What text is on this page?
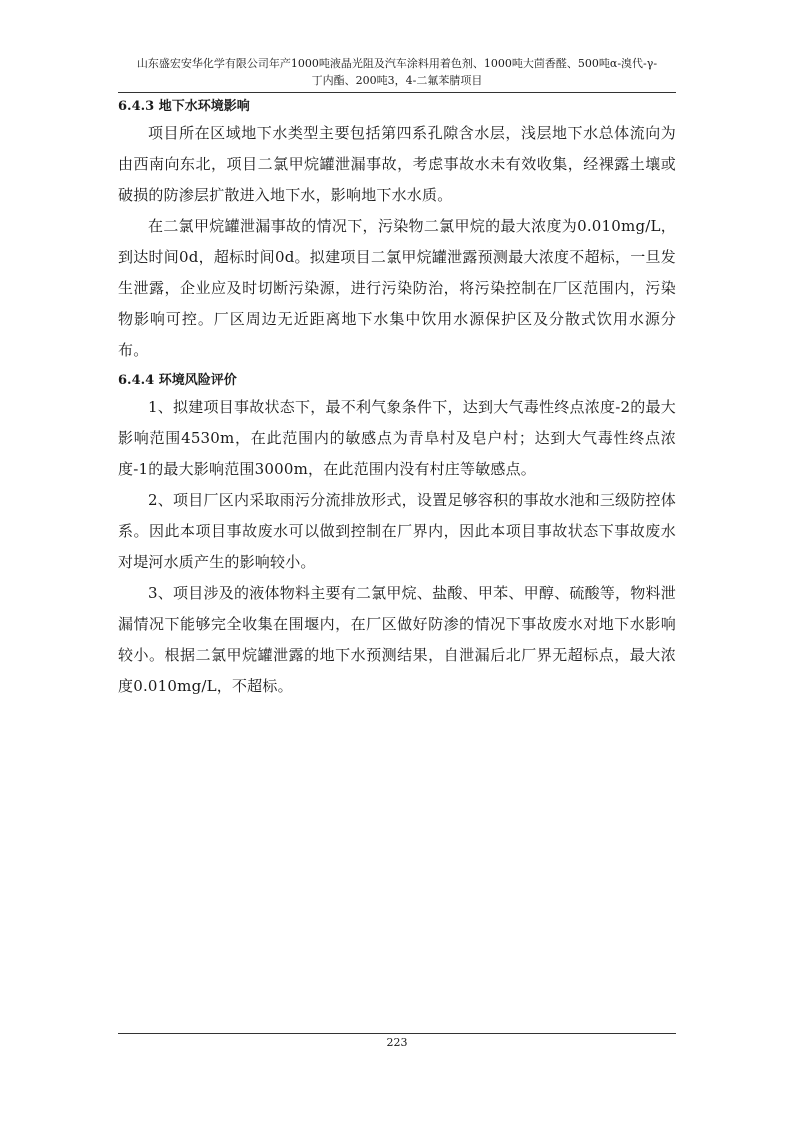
山东盛宏安华化学有限公司年产1000吨液晶光阻及汽车涂料用着色剂、1000吨大茴香醛、500吨α-溴代-γ-
丁内酯、200吨3，4-二氟苯腈项目
6.4.3 地下水环境影响

项目所在区域地下水类型主要包括第四系孔隙含水层，浅层地下水总体流向为由西南向东北，项目二氯甲烷罐泄漏事故，考虑事故水未有效收集，经裸露土壤或破损的防渗层扩散进入地下水，影响地下水水质。

在二氯甲烷罐泄漏事故的情况下，污染物二氯甲烷的最大浓度为0.010mg/L，到达时间0d，超标时间0d。拟建项目二氯甲烷罐泄露预测最大浓度不超标，一旦发生泄露，企业应及时切断污染源，进行污染防治，将污染控制在厂区范围内，污染物影响可控。厂区周边无近距离地下水集中饮用水源保护区及分散式饮用水源分布。

6.4.4 环境风险评价

1、拟建项目事故状态下，最不利气象条件下，达到大气毒性终点浓度-2的最大影响范围4530m，在此范围内的敏感点为青阜村及皂户村；达到大气毒性终点浓度-1的最大影响范围3000m，在此范围内没有村庄等敏感点。

2、项目厂区内采取雨污分流排放形式，设置足够容积的事故水池和三级防控体系。因此本项目事故废水可以做到控制在厂界内，因此本项目事故状态下事故废水对堤河水质产生的影响较小。

3、项目涉及的液体物料主要有二氯甲烷、盐酸、甲苯、甲醇、硫酸等，物料泄漏情况下能够完全收集在围堰内，在厂区做好防渗的情况下事故废水对地下水影响较小。根据二氯甲烷罐泄露的地下水预测结果，自泄漏后北厂界无超标点，最大浓度0.010mg/L，不超标。

223
